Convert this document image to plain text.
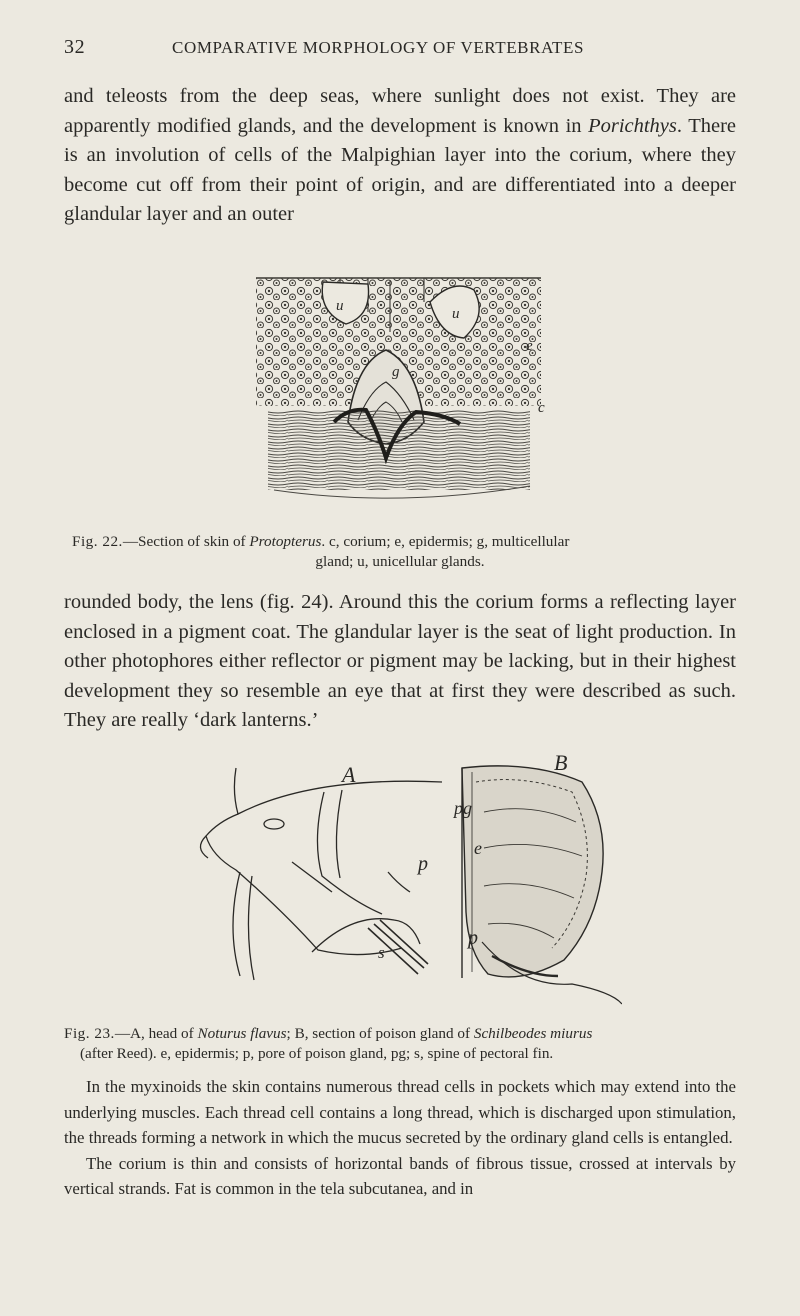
32	COMPARATIVE MORPHOLOGY OF VERTEBRATES
and teleosts from the deep seas, where sunlight does not exist. They are apparently modified glands, and the development is known in Porichthys. There is an involution of cells of the Malpighian layer into the corium, where they become cut off from their point of origin, and are differentiated into a deeper glandular layer and an outer
u	u
g
e
c
Fig. 22.—Section of skin of Protopterus. c, corium; e, epidermis; g, multicellular
gland; u, unicellular glands.
rounded body, the lens (fig. 24). Around this the corium forms a reflecting layer enclosed in a pigment coat. The glandular layer is the seat of light production. In other photophores either reflector or pigment may be lacking, but in their highest development they so resemble an eye that at first they were described as such. They are really ‘dark lanterns.’
A	B
p
s
pg
e
p
Fig. 23.—A, head of Noturus flavus; B, section of poison gland of Schilbeodes miurus
(after Reed). e, epidermis; p, pore of poison gland, pg; s, spine of pectoral fin.
In the myxinoids the skin contains numerous thread cells in pockets which may extend into the underlying muscles. Each thread cell contains a long thread, which is discharged upon stimulation, the threads forming a network in which the mucus secreted by the ordinary gland cells is entangled.
The corium is thin and consists of horizontal bands of fibrous tissue, crossed at intervals by vertical strands. Fat is common in the tela subcutanea, and in
